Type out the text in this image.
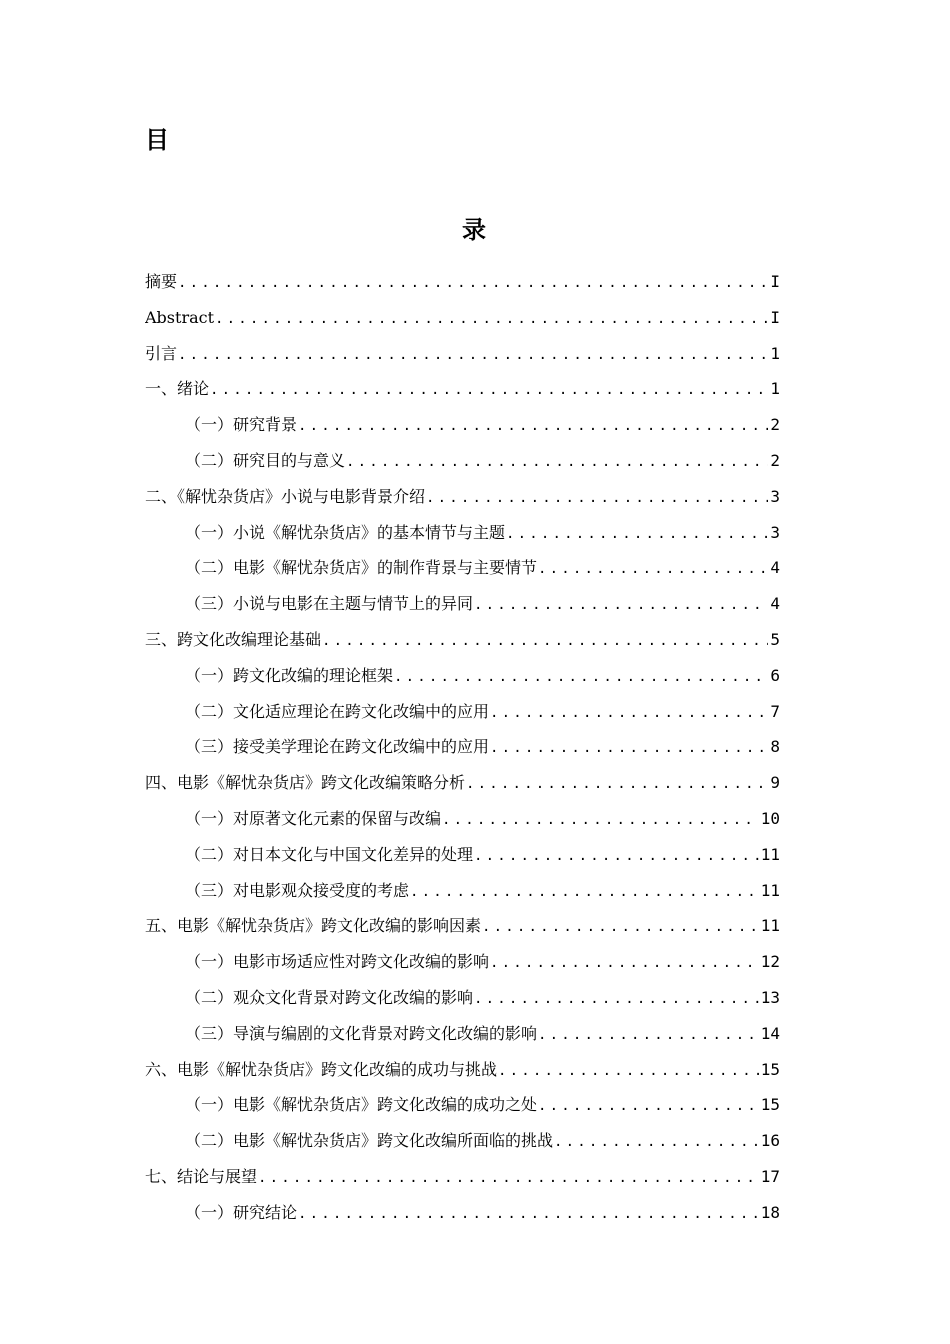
目
录
摘要 .....	I
Abstract .....	I
引言 .....	1
一、绪论 .....	1
（一）研究背景 .....	2
（二）研究目的与意义 .....	2
二、《解忧杂货店》小说与电影背景介绍 .....	3
（一）小说《解忧杂货店》的基本情节与主题 .....	3
（二）电影《解忧杂货店》的制作背景与主要情节 .....	4
（三）小说与电影在主题与情节上的异同 .....	4
三、跨文化改编理论基础 .....	5
（一）跨文化改编的理论框架 .....	6
（二）文化适应理论在跨文化改编中的应用 .....	7
（三）接受美学理论在跨文化改编中的应用 .....	8
四、电影《解忧杂货店》跨文化改编策略分析 .....	9
（一）对原著文化元素的保留与改编 .....	10
（二）对日本文化与中国文化差异的处理 .....	11
（三）对电影观众接受度的考虑 .....	11
五、电影《解忧杂货店》跨文化改编的影响因素 .....	11
（一）电影市场适应性对跨文化改编的影响 .....	12
（二）观众文化背景对跨文化改编的影响 .....	13
（三）导演与编剧的文化背景对跨文化改编的影响 .....	14
六、电影《解忧杂货店》跨文化改编的成功与挑战 .....	15
（一）电影《解忧杂货店》跨文化改编的成功之处 .....	15
（二）电影《解忧杂货店》跨文化改编所面临的挑战 .....	16
七、结论与展望 .....	17
（一）研究结论 .....	18
